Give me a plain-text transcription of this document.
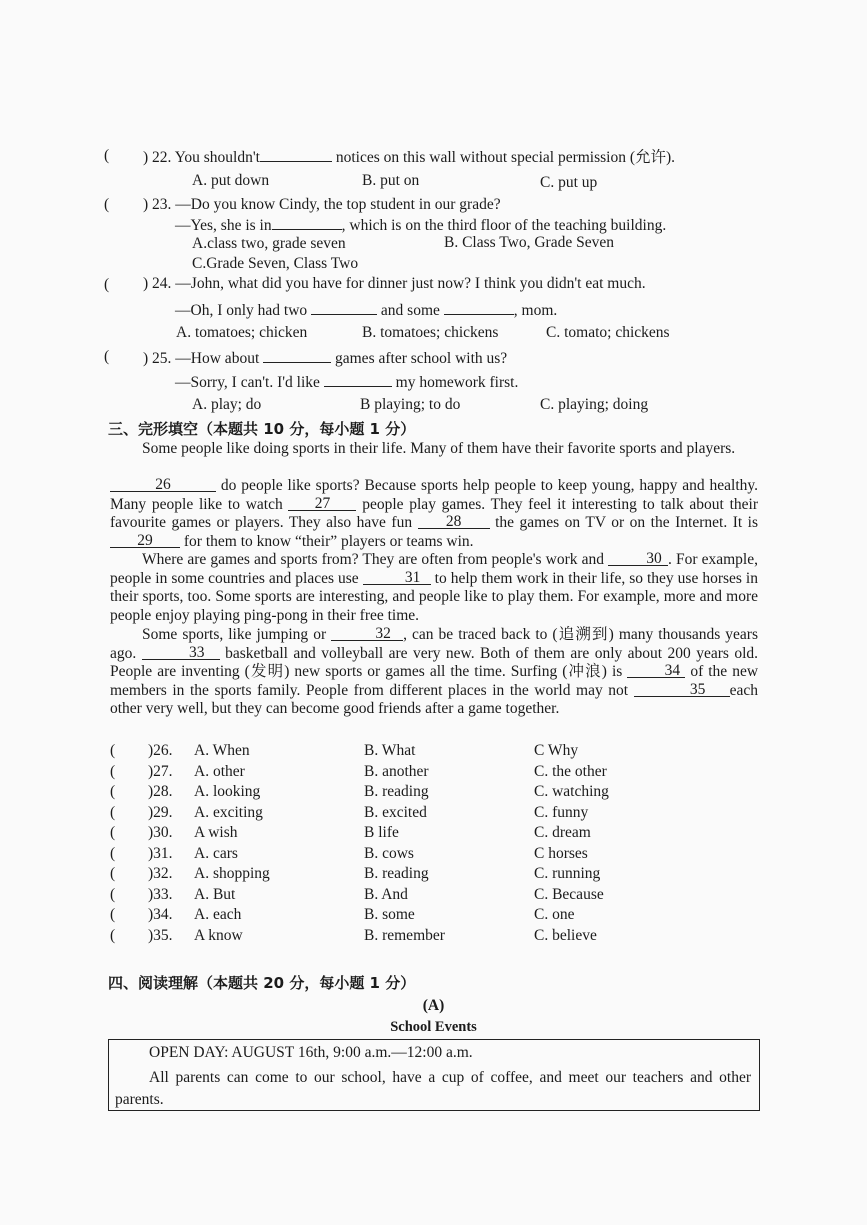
( ) 22. You shouldn't	notices on this wall without special permission (允许).
A. put down	B. put on	C. put up
( ) 23. —Do you know Cindy, the top student in our grade?
—Yes, she is in	, which is on the third floor of the teaching building.
A.class two, grade seven	B. Class Two, Grade Seven
C.Grade Seven, Class Two
( ) 24. —John, what did you have for dinner just now? I think you didn't eat much.
—Oh, I only had two	and some	, mom.
A. tomatoes; chicken	B. tomatoes; chickens	C. tomato; chickens
( ) 25. —How about	games after school with us?
—Sorry, I can't. I'd like	my homework first.
A. play; do	B playing; to do	C. playing; doing
三、完形填空（本题共 10 分，每小题 1 分）
Some people like doing sports in their life. Many of them have their favorite sports and players.
26	do people like sports? Because sports help people to keep young, happy and healthy. Many people like to watch 27 people play games. They feel it interesting to talk about their favourite games or players. They also have fun 28 the games on TV or on the Internet. It is 29 for them to know “their” players or teams win.
Where are games and sports from? They are often from people's work and	30 . For example, people in some countries and places use	31 to help them work in their life, so they use horses in their sports, too. Some sports are interesting, and people like to play them. For example, more and more people enjoy playing ping-pong in their free time.
Some sports, like jumping or	32 , can be traced back to (追溯到) many thousands years ago.	33 basketball and volleyball are very new. Both of them are only about 200 years old. People are inventing (发明) new sports or games all the time. Surfing (冲浪) is	34 of the new members in the sports family. People from different places in the world may not	35 each other very well, but they can become good friends after a game together.
( )26. A. When	B. What	C Why
( )27. A. other	B. another	C. the other
( )28. A. looking	B. reading	C. watching
( )29. A. exciting	B. excited	C. funny
( )30. A wish	B life	C. dream
( )31. A. cars	B. cows	C horses
( )32. A. shopping	B. reading	C. running
( )33. A. But	B. And	C. Because
( )34. A. each	B. some	C. one
( )35. A know	B. remember	C. believe
四、阅读理解（本题共 20 分，每小题 1 分）
(A)
School Events
OPEN DAY: AUGUST 16th, 9:00 a.m.—12:00 a.m.
All parents can come to our school, have a cup of coffee, and meet our teachers and other parents.
